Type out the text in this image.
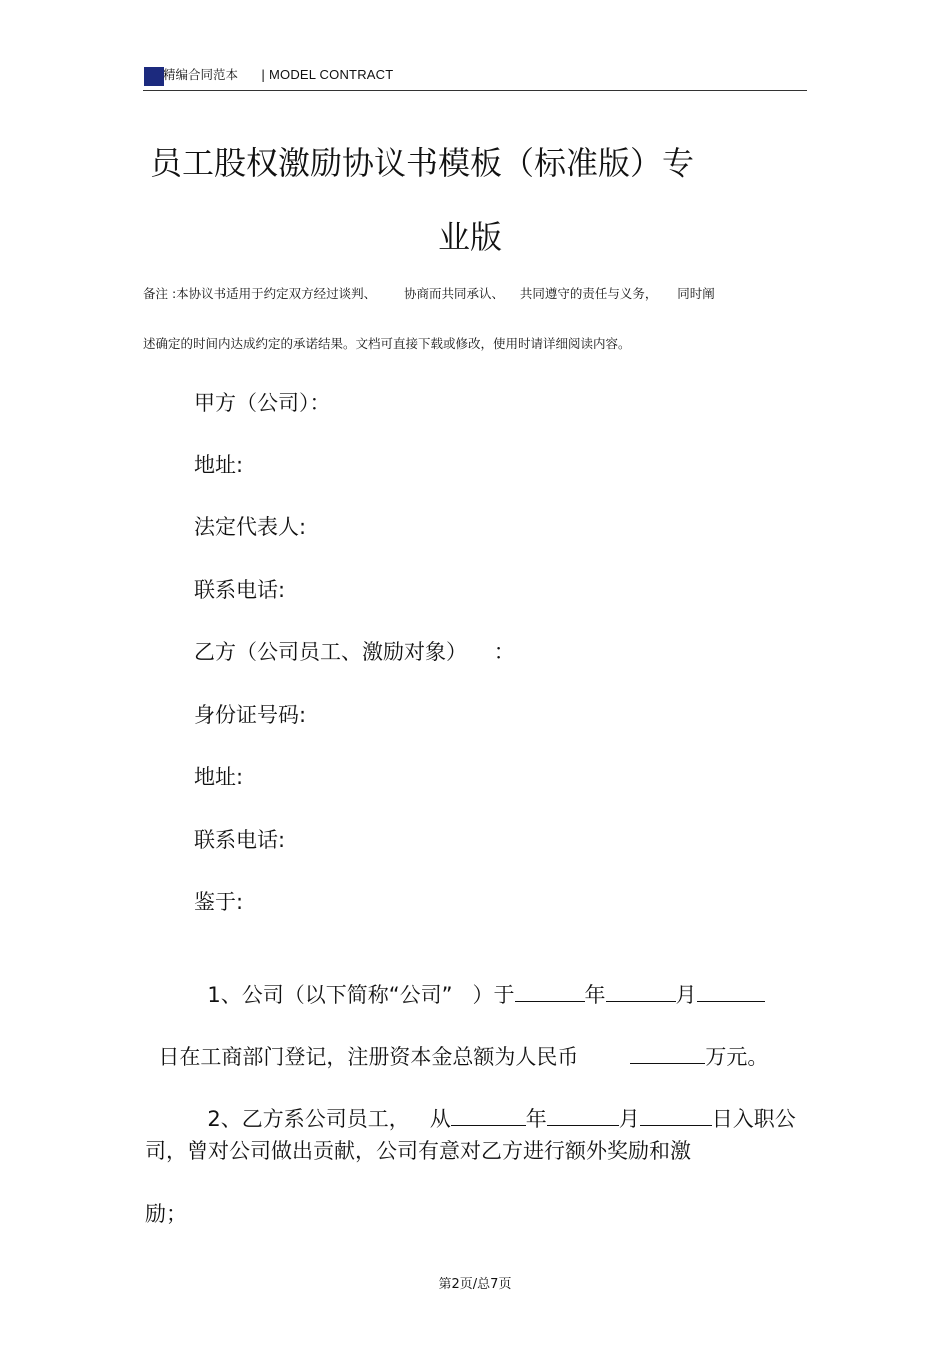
精编合同范本 | MODEL CONTRACT
员工股权激励协议书模板（标准版）专
业版
备注 :本协议书适用于约定双方经过谈判、       协商而共同承认、    共同遵守的责任与义务，     同时阐
述确定的时间内达成约定的承诺结果。文档可直接下载或修改，使用时请详细阅读内容。
甲方（公司）：
地址:
法定代表人:
联系电话:
乙方（公司员工、激励对象）    ：
身份证号码:
地址:
联系电话:
鉴于:

1、公司（以下简称“公司”   ）于	年	月

日在工商部门登记，注册资本金总额为人民币	万元。

2、乙方系公司员工，   从	年	月	日入职公

司，曾对公司做出贡献，公司有意对乙方进行额外奖励和激
励；
第2页/总7页
